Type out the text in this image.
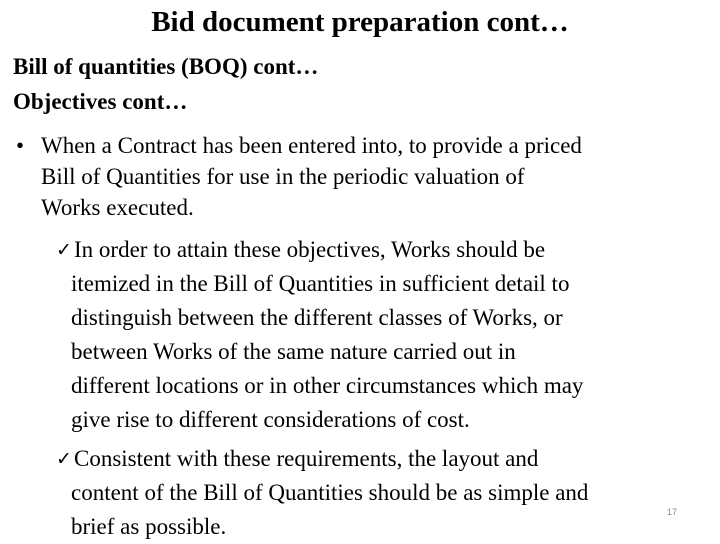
Bid document preparation cont…
Bill of quantities (BOQ) cont…
Objectives cont…
• When a Contract has been entered into, to provide a priced
Bill of Quantities for use in the periodic valuation of
Works executed.
✓ In order to attain these objectives, Works should be
itemized in the Bill of Quantities in sufficient detail to
distinguish between the different classes of Works, or
between Works of the same nature carried out in
different locations or in other circumstances which may
give rise to different considerations of cost.
✓ Consistent with these requirements, the layout and
content of the Bill of Quantities should be as simple and
brief as possible.
17
